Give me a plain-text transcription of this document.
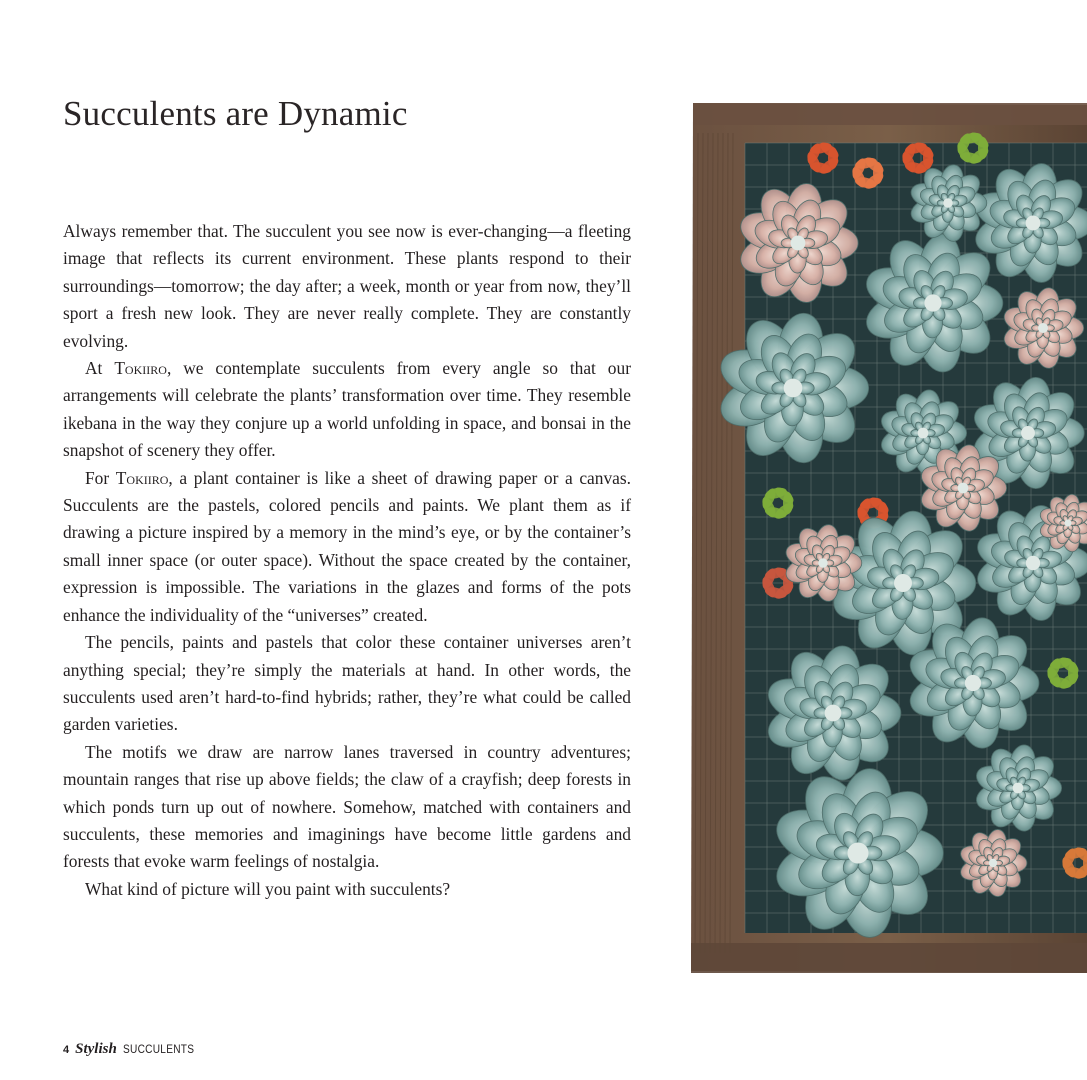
Succulents are Dynamic

Always remember that. The succulent you see now is ever-changing—a fleeting image that reflects its current environment. These plants respond to their surroundings—tomorrow; the day after; a week, month or year from now, they’ll sport a fresh new look. They are never really complete. They are constantly evolving.

At Tokiiro, we contemplate succulents from every angle so that our arrangements will celebrate the plants’ transformation over time. They resemble ikebana in the way they conjure up a world unfolding in space, and bonsai in the snapshot of scenery they offer.

For Tokiiro, a plant container is like a sheet of drawing paper or a canvas. Succulents are the pastels, colored pencils and paints. We plant them as if drawing a picture inspired by a memory in the mind’s eye, or by the container’s small inner space (or outer space). Without the space created by the container, expression is impossible. The variations in the glazes and forms of the pots enhance the individuality of the “universes” created.

The pencils, paints and pastels that color these container universes aren’t anything special; they’re simply the materials at hand. In other words, the succulents used aren’t hard-to-find hybrids; rather, they’re what could be called garden varieties.

The motifs we draw are narrow lanes traversed in country adventures; mountain ranges that rise up above fields; the claw of a crayfish; deep forests in which ponds turn up out of nowhere. Somehow, matched with containers and succulents, these memories and imaginings have become little gardens and forests that evoke warm feelings of nostalgia.

What kind of picture will you paint with succulents?

4 Stylish SUCCULENTS
